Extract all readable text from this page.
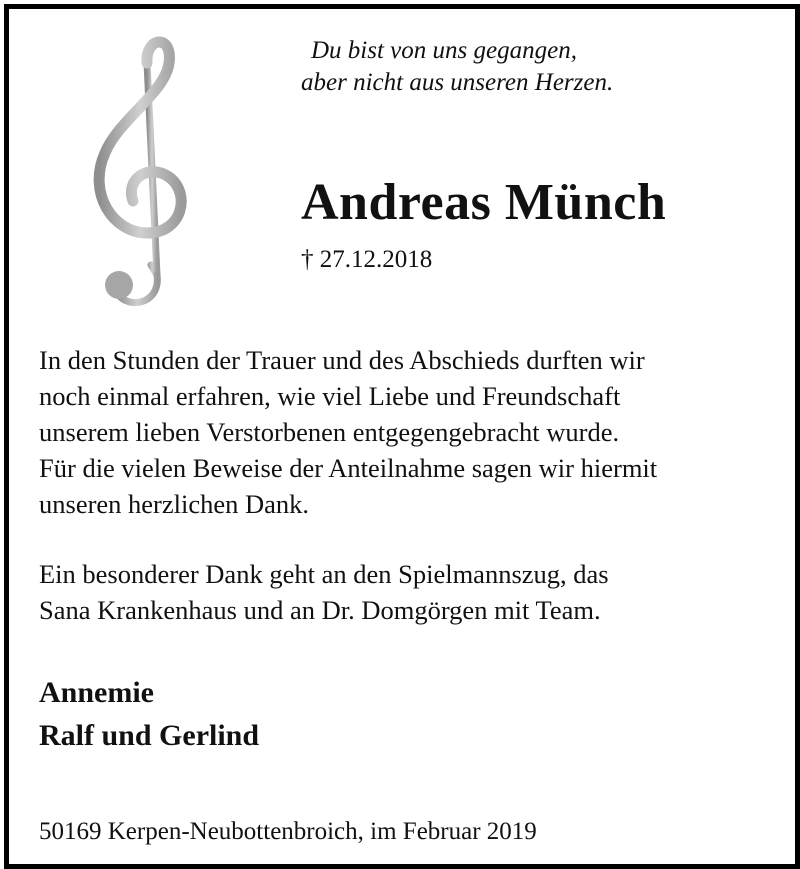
Du bist von uns gegangen,
aber nicht aus unseren Herzen.
Andreas Münch
† 27.12.2018
In den Stunden der Trauer und des Abschieds durften wir
noch einmal erfahren, wie viel Liebe und Freundschaft
unserem lieben Verstorbenen entgegengebracht wurde.
Für die vielen Beweise der Anteilnahme sagen wir hiermit
unseren herzlichen Dank.
Ein besonderer Dank geht an den Spielmannszug, das
Sana Krankenhaus und an Dr. Domgörgen mit Team.
Annemie
Ralf und Gerlind
50169 Kerpen-Neubottenbroich, im Februar 2019
